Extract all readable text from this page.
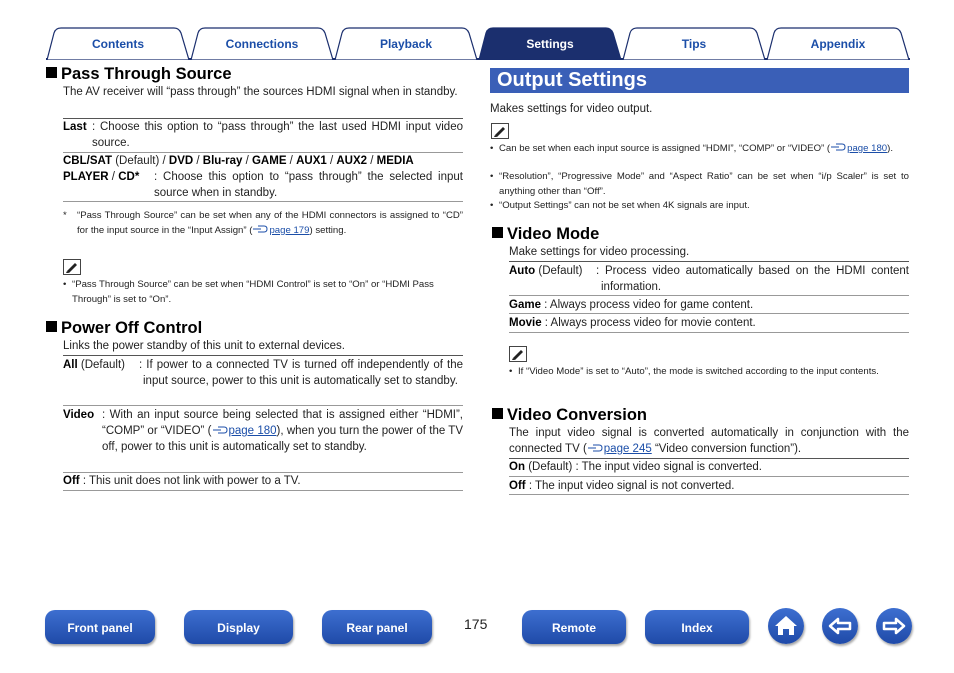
Contents	Connections	Playback	Settings	Tips	Appendix
Pass Through Source
The AV receiver will “pass through” the sources HDMI signal when in standby.
Last : Choose this option to “pass through” the last used HDMI input video source.
CBL/SAT (Default) / DVD / Blu-ray / GAME / AUX1 / AUX2 / MEDIA
PLAYER / CD* : Choose this option to “pass through” the selected input source when in standby.
* “Pass Through Source” can be set when any of the HDMI connectors is assigned to “CD” for the input source in the “Input Assign” ( page 179) setting.
• “Pass Through Source” can be set when “HDMI Control” is set to “On” or “HDMI Pass Through” is set to “On”.
Power Off Control
Links the power standby of this unit to external devices.
All (Default) : If power to a connected TV is turned off independently of the input source, power to this unit is automatically set to standby.
Video : With an input source being selected that is assigned either “HDMI”, “COMP” or “VIDEO” ( page 180), when you turn the power of the TV off, power to this unit is automatically set to standby.
Off : This unit does not link with power to a TV.
Output Settings
Makes settings for video output.
• Can be set when each input source is assigned “HDMI”, “COMP” or “VIDEO” ( page 180).
• “Resolution”, “Progressive Mode” and “Aspect Ratio” can be set when “i/p Scaler” is set to anything other than “Off”.
• “Output Settings” can not be set when 4K signals are input.
Video Mode
Make settings for video processing.
Auto (Default) : Process video automatically based on the HDMI content information.
Game : Always process video for game content.
Movie : Always process video for movie content.
• If “Video Mode” is set to “Auto”, the mode is switched according to the input contents.
Video Conversion
The input video signal is converted automatically in conjunction with the connected TV ( page 245 “Video conversion function”).
On (Default) : The input video signal is converted.
Off : The input video signal is not converted.
Front panel	Display	Rear panel	175	Remote	Index
